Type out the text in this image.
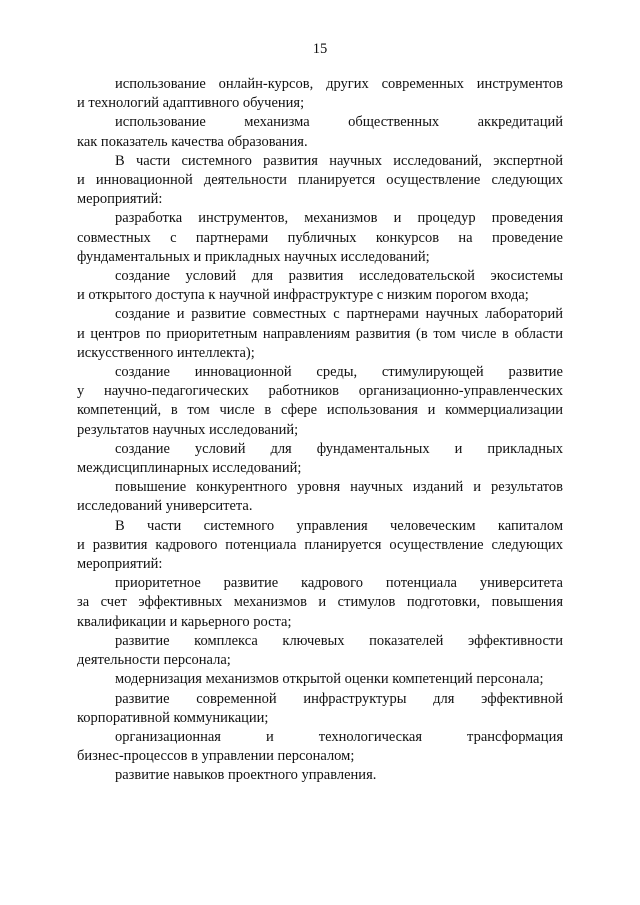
15
использование онлайн-курсов, других современных инструментов
и технологий адаптивного обучения;
использование механизма общественных аккредитаций
как показатель качества образования.
В части системного развития научных исследований, экспертной
и инновационной деятельности планируется осуществление следующих
мероприятий:
разработка инструментов, механизмов и процедур проведения
совместных с партнерами публичных конкурсов на проведение
фундаментальных и прикладных научных исследований;
создание условий для развития исследовательской экосистемы
и открытого доступа к научной инфраструктуре с низким порогом входа;
создание и развитие совместных с партнерами научных лабораторий
и центров по приоритетным направлениям развития (в том числе в области
искусственного интеллекта);
создание инновационной среды, стимулирующей развитие
у научно-педагогических работников организационно-управленческих
компетенций, в том числе в сфере использования и коммерциализации
результатов научных исследований;
создание условий для фундаментальных и прикладных
междисциплинарных исследований;
повышение конкурентного уровня научных изданий и результатов
исследований университета.
В части системного управления человеческим капиталом
и развития кадрового потенциала планируется осуществление следующих
мероприятий:
приоритетное развитие кадрового потенциала университета
за счет эффективных механизмов и стимулов подготовки, повышения
квалификации и карьерного роста;
развитие комплекса ключевых показателей эффективности
деятельности персонала;
модернизация механизмов открытой оценки компетенций персонала;
развитие современной инфраструктуры для эффективной
корпоративной коммуникации;
организационная и технологическая трансформация
бизнес-процессов в управлении персоналом;
развитие навыков проектного управления.
